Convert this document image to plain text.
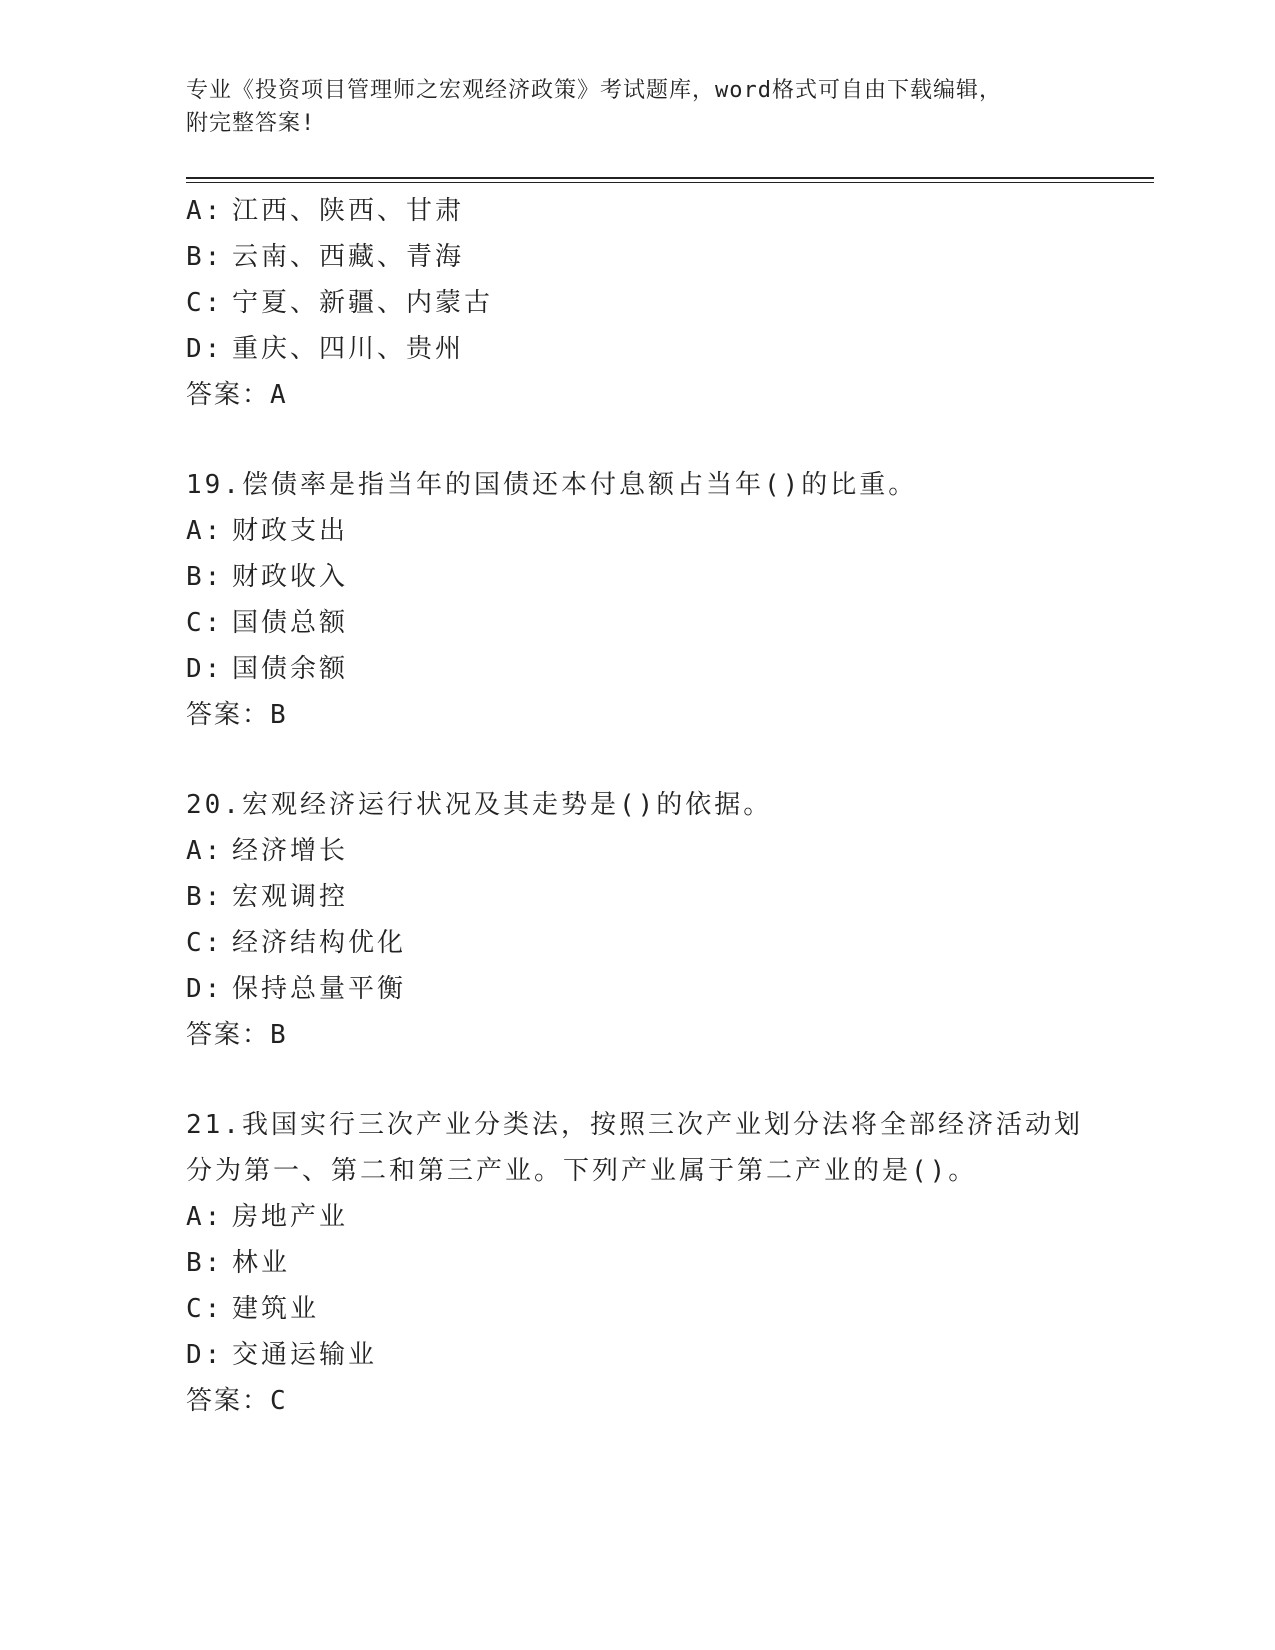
专业《投资项目管理师之宏观经济政策》考试题库，word格式可自由下载编辑，
附完整答案!
A: 江西、陕西、甘肃
B: 云南、西藏、青海
C: 宁夏、新疆、内蒙古
D: 重庆、四川、贵州
答案：A
19.偿债率是指当年的国债还本付息额占当年()的比重。
A: 财政支出
B: 财政收入
C: 国债总额
D: 国债余额
答案：B
20.宏观经济运行状况及其走势是()的依据。
A: 经济增长
B: 宏观调控
C: 经济结构优化
D: 保持总量平衡
答案：B
21.我国实行三次产业分类法，按照三次产业划分法将全部经济活动划
分为第一、第二和第三产业。下列产业属于第二产业的是()。
A: 房地产业
B: 林业
C: 建筑业
D: 交通运输业
答案：C
